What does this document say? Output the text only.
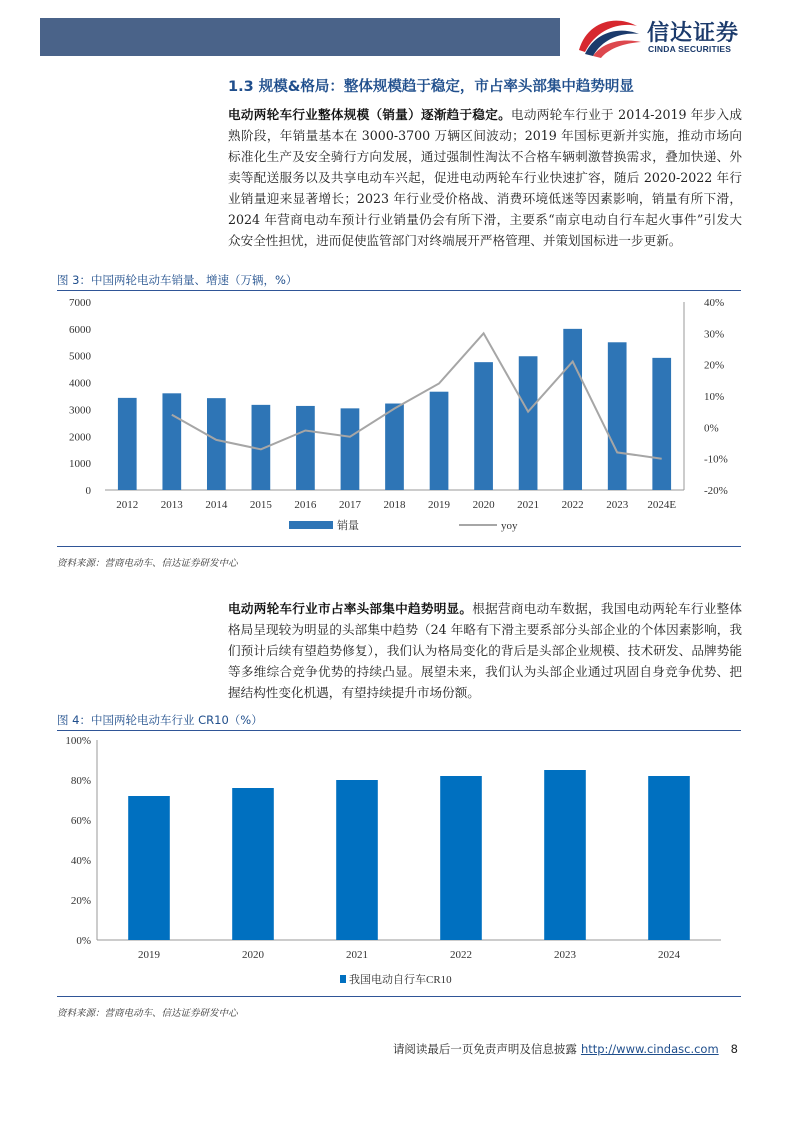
信达证券
CINDA SECURITIES
1.3 规模&格局：整体规模趋于稳定，市占率头部集中趋势明显
电动两轮车行业整体规模（销量）逐渐趋于稳定。电动两轮车行业于 2014-2019 年步入成熟阶段，年销量基本在 3000-3700 万辆区间波动；2019 年国标更新并实施，推动市场向标准化生产及安全骑行方向发展，通过强制性淘汰不合格车辆刺激替换需求，叠加快递、外卖等配送服务以及共享电动车兴起，促进电动两轮车行业快速扩容，随后 2020-2022 年行业销量迎来显著增长；2023 年行业受价格战、消费环境低迷等因素影响，销量有所下滑，2024 年营商电动车预计行业销量仍会有所下滑，主要系“南京电动自行车起火事件”引发大众安全性担忧，进而促使监管部门对终端展开严格管理、并策划国标进一步更新。
图 3：中国两轮电动车销量、增速（万辆，%）
0
1000
2000
3000
4000
5000
6000
7000
-20%
-10%
0%
10%
20%
30%
40%
2012 2013 2014 2015 2016 2017 2018 2019 2020 2021 2022 2023 2024E
销量	yoy
资料来源：营商电动车、信达证券研发中心
电动两轮车行业市占率头部集中趋势明显。根据营商电动车数据，我国电动两轮车行业整体格局呈现较为明显的头部集中趋势（24 年略有下滑主要系部分头部企业的个体因素影响，我们预计后续有望趋势修复），我们认为格局变化的背后是头部企业规模、技术研发、品牌势能等多维综合竞争优势的持续凸显。展望未来，我们认为头部企业通过巩固自身竞争优势、把握结构性变化机遇，有望持续提升市场份额。
图 4：中国两轮电动车行业 CR10（%）
0%
20%
40%
60%
80%
100%
2019	2020	2021	2022	2023	2024
我国电动自行车CR10
资料来源：营商电动车、信达证券研发中心
请阅读最后一页免责声明及信息披露 http://www.cindasc.com 8
